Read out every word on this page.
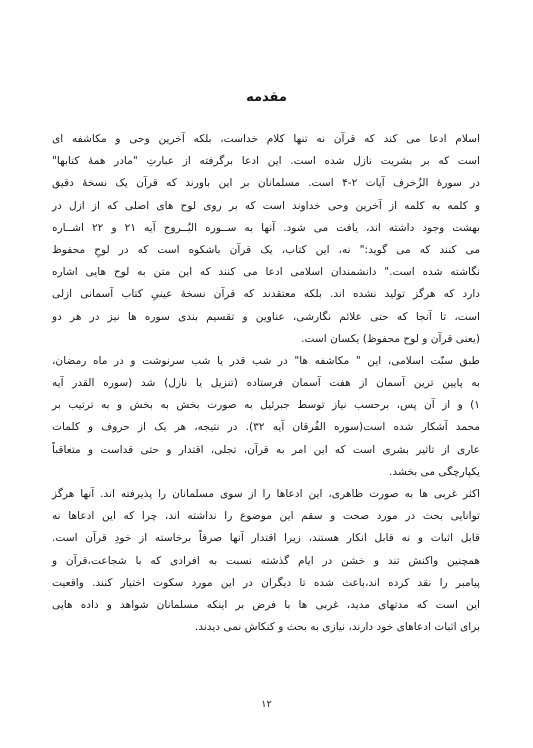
مقدمه
اسلام ادعا می کند که قرآن نه تنها کلام خداست، بلکه آخرین وحی و مکاشفه ای
است که بر بشریت نازل شده است. این ادعا برگرفته از عبارتِ "مادر همهٔ کتابها"
در سورهٔ الزُخرف آیات ۲-۴ است. مسلمانان بر این باورند که قرآن یک نسخهٔ دقیق
و کلمه به کلمه از آخرین وحی خداوند است که بر روی لوح های اصلی که از ازل در
بهشت وجود داشته اند، یافت می شود. آنها به ســوره البُــروج آیه ۲۱ و ۲۲ اشــاره
می کنند که می گوید:" نه، این کتاب، یک قرآن باشکوه است که در لوحِ محفوظ
نگاشته شده است." دانشمندان اسلامی ادعا می کنند که این متن به لوح هایی اشاره
دارد که هرگز تولید نشده اند. بلکه معتقدند که قرآن نسخهٔ عینیِ کتاب آسمانی ازلی
است، تا آنجا که حتی علائم نگارشی، عناوین و تقسیم بندی سوره ها نیز در هر دو
(یعنی قرآن و لوح محفوظ) یکسان است.
طبق سنّت اسلامی، این " مکاشفه ها" در شب قدر یا شب سرنوشت و در ماه رمضان،
به پایین ترین آسمان از هفت آسمان فرستاده (تنزیل یا نازل) شد (سوره القدر آیه
۱) و از آن پس، برحسب نیاز توسط جبرئیل به صورت بخش به بخش و به ترتیب بر
محمد آشکار شده است(سوره الفُرقان آیه ۳۲). در نتیجه، هر یک از حروف و کلمات
عاری از تاثیر بشری است که این امر به قرآن، تجلی، اقتدار و حتی قداست و متعاقباً
یکپارچگی می بخشد.
اکثر غربی ها به صورت ظاهری، این ادعاها را از سوی مسلمانان را پذیرفته اند. آنها هرگز
توانایی بحث در مورد صحت و سقم این موضوع را نداشته اند، چرا که این ادعاها نه
قابل اثبات و نه قابل انکار هستند، زیرا اقتدار آنها صرفاً برخاسته از خودِ قرآن است.
همچنین واکنش تند و خشن در ایام گذشته نسبت به افرادی که با شجاعت،قرآن و
پیامبر را نقد کرده اند،باعث شده تا دیگران در این مورد سکوت اختیار کنند. واقعیت
این است که مدتهای مدید، غربی ها با فرض بر اینکه مسلمانان شواهد و داده هایی
برای اثبات ادعاهای خود دارند، نیازی به بحث و کنکاش نمی دیدند.
۱۲
